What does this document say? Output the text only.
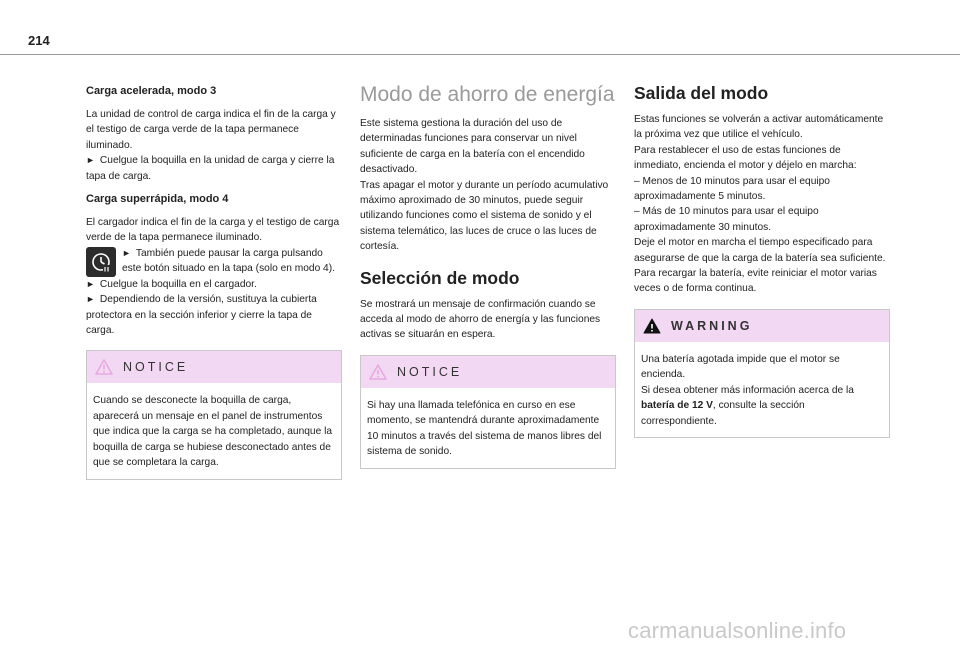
214
Carga acelerada, modo 3
La unidad de control de carga indica el fin de la carga y el testigo de carga verde de la tapa permanece iluminado.
► Cuelgue la boquilla en la unidad de carga y cierre la tapa de carga.
Carga superrápida, modo 4
El cargador indica el fin de la carga y el testigo de carga verde de la tapa permanece iluminado.
► También puede pausar la carga pulsando este botón situado en la tapa (solo en modo 4).
► Cuelgue la boquilla en el cargador.
► Dependiendo de la versión, sustituya la cubierta protectora en la sección inferior y cierre la tapa de carga.
NOTICE
Cuando se desconecte la boquilla de carga, aparecerá un mensaje en el panel de instrumentos que indica que la carga se ha completado, aunque la boquilla de carga se hubiese desconectado antes de que se completara la carga.
Modo de ahorro de energía
Este sistema gestiona la duración del uso de determinadas funciones para conservar un nivel suficiente de carga en la batería con el encendido desactivado.
Tras apagar el motor y durante un período acumulativo máximo aproximado de 30 minutos, puede seguir utilizando funciones como el sistema de sonido y el sistema telemático, las luces de cruce o las luces de cortesía.
Selección de modo
Se mostrará un mensaje de confirmación cuando se acceda al modo de ahorro de energía y las funciones activas se situarán en espera.
NOTICE
Si hay una llamada telefónica en curso en ese momento, se mantendrá durante aproximadamente 10 minutos a través del sistema de manos libres del sistema de sonido.
Salida del modo
Estas funciones se volverán a activar automáticamente la próxima vez que utilice el vehículo.
Para restablecer el uso de estas funciones de inmediato, encienda el motor y déjelo en marcha:
– Menos de 10 minutos para usar el equipo aproximadamente 5 minutos.
– Más de 10 minutos para usar el equipo aproximadamente 30 minutos.
Deje el motor en marcha el tiempo especificado para asegurarse de que la carga de la batería sea suficiente.
Para recargar la batería, evite reiniciar el motor varias veces o de forma continua.
WARNING
Una batería agotada impide que el motor se encienda.
Si desea obtener más información acerca de la batería de 12 V, consulte la sección correspondiente.
carmanualsonline.info
